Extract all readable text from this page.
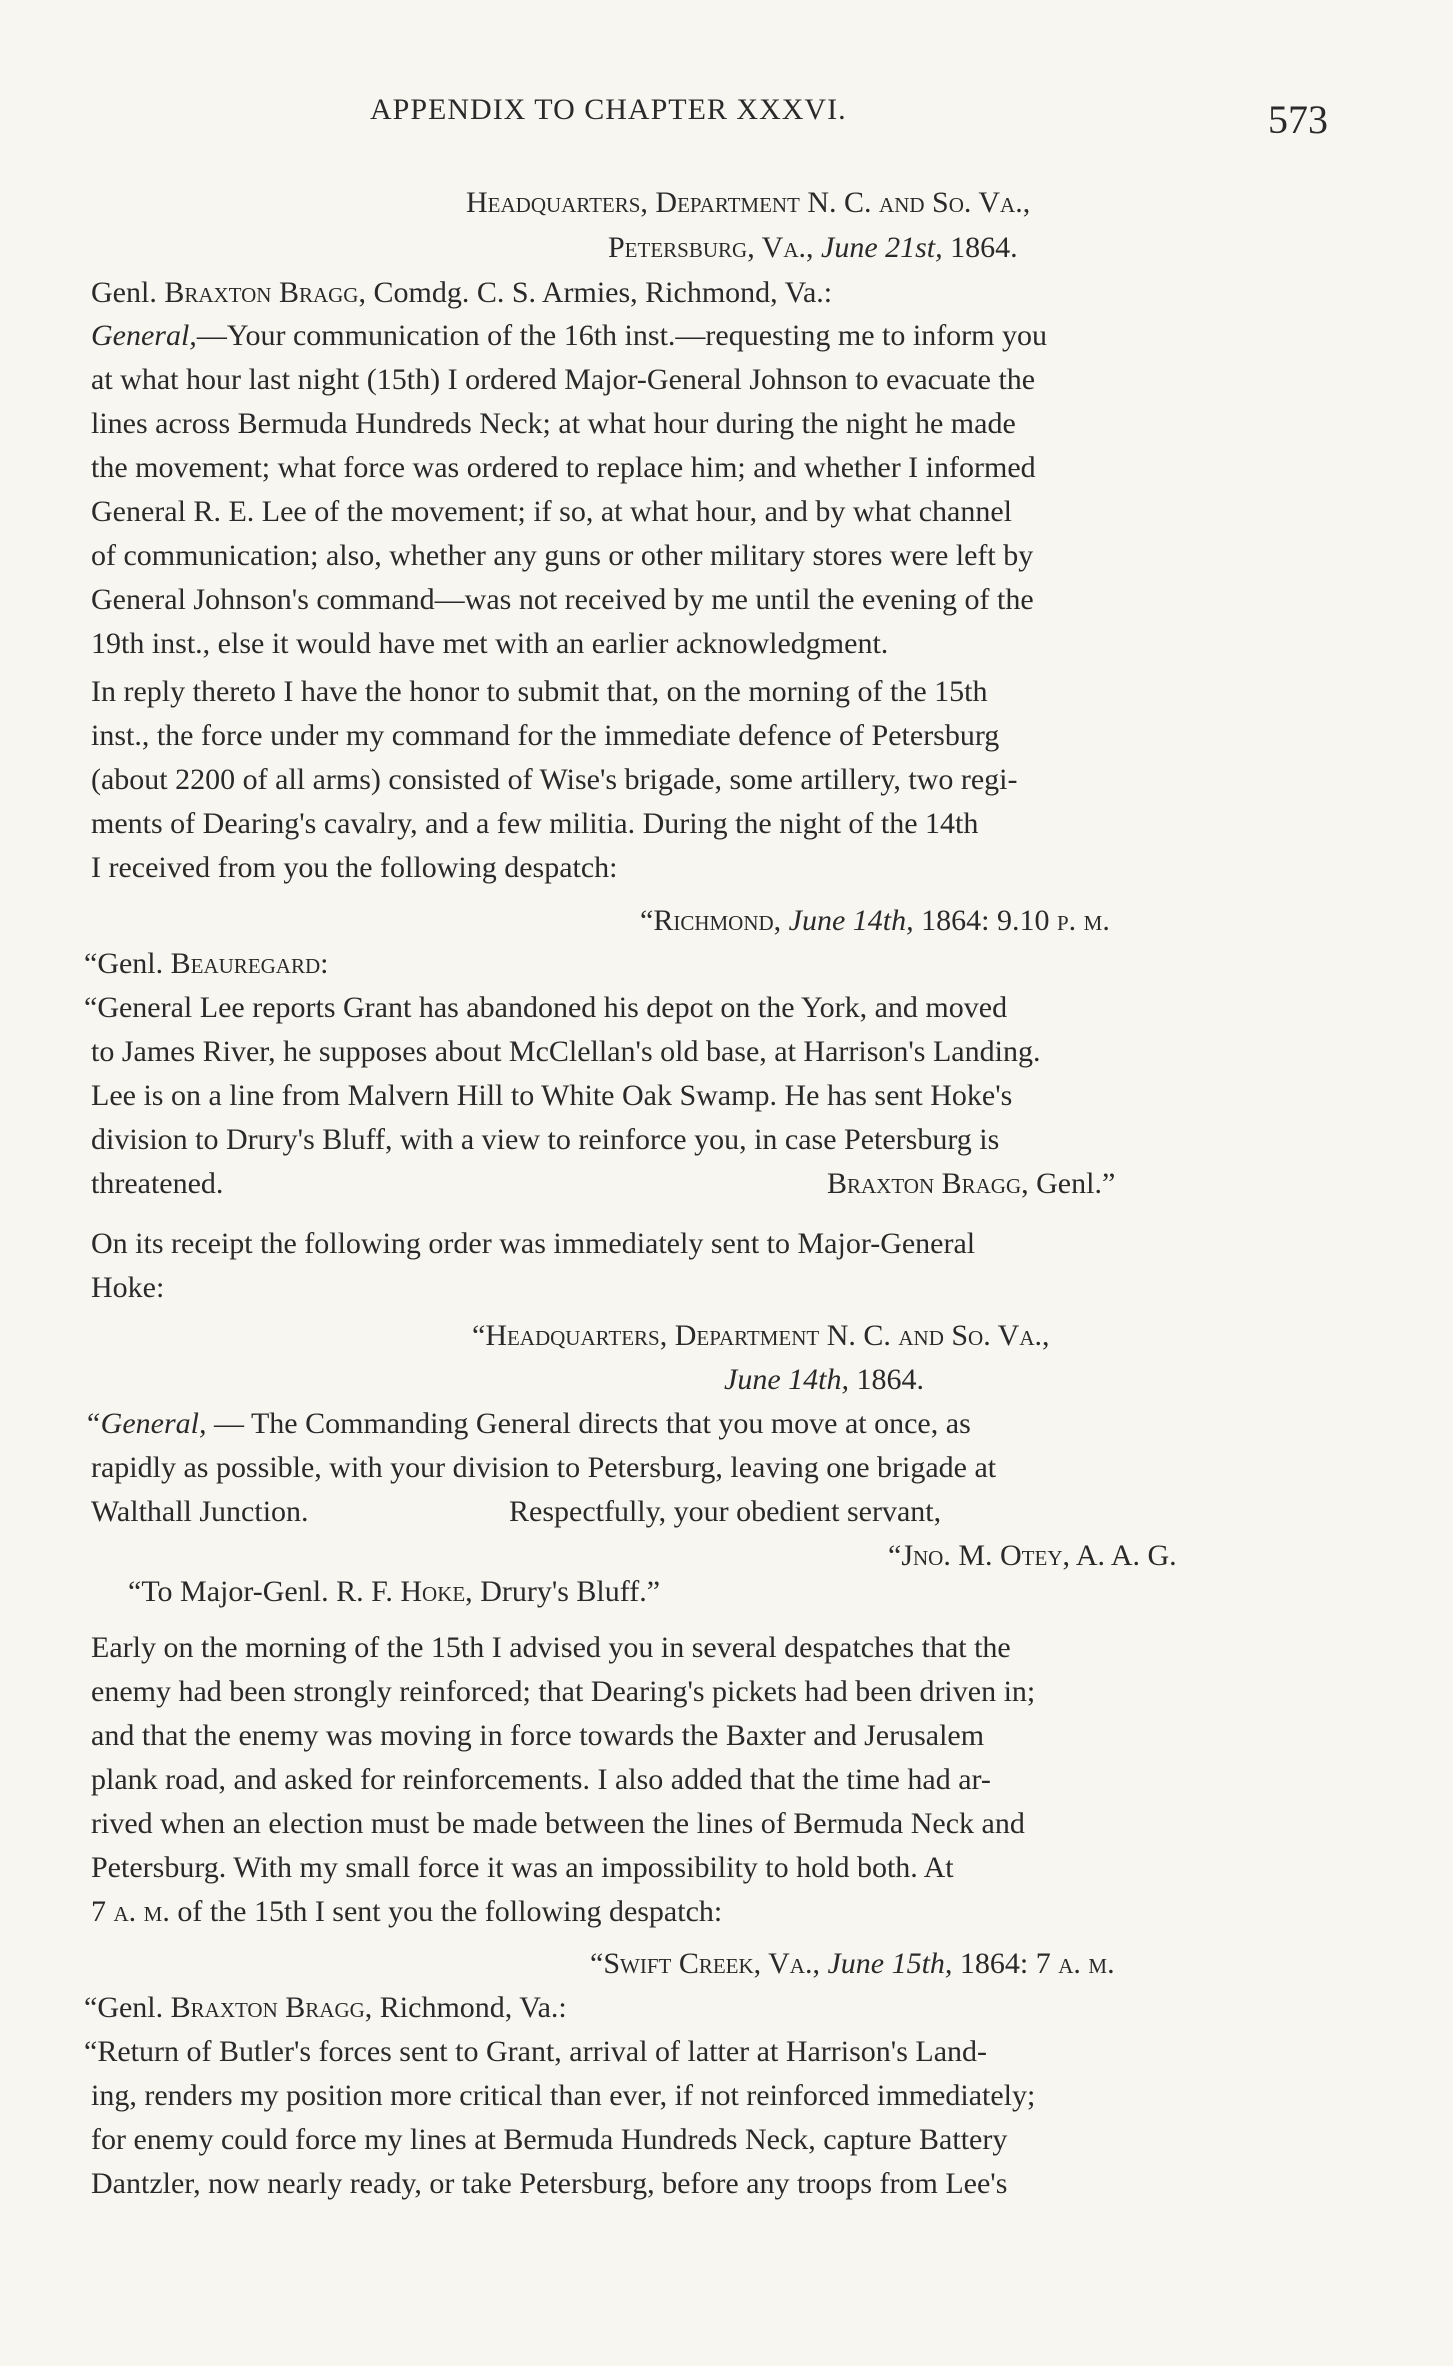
APPENDIX TO CHAPTER XXXVI.	573
Headquarters, Department N. C. and So. Va.,
Petersburg, Va., June 21st, 1864.
Genl. Braxton Bragg, Comdg. C. S. Armies, Richmond, Va.:
General,—Your communication of the 16th inst.—requesting me to inform you
at what hour last night (15th) I ordered Major-General Johnson to evacuate the
lines across Bermuda Hundreds Neck; at what hour during the night he made
the movement; what force was ordered to replace him; and whether I informed
General R. E. Lee of the movement; if so, at what hour, and by what channel
of communication; also, whether any guns or other military stores were left by
General Johnson's command—was not received by me until the evening of the
19th inst., else it would have met with an earlier acknowledgment.
In reply thereto I have the honor to submit that, on the morning of the 15th
inst., the force under my command for the immediate defence of Petersburg
(about 2200 of all arms) consisted of Wise's brigade, some artillery, two regi-
ments of Dearing's cavalry, and a few militia. During the night of the 14th
I received from you the following despatch:
“Richmond, June 14th, 1864: 9.10 p. m.
“Genl. Beauregard:
“General Lee reports Grant has abandoned his depot on the York, and moved
to James River, he supposes about McClellan's old base, at Harrison's Landing.
Lee is on a line from Malvern Hill to White Oak Swamp. He has sent Hoke's
division to Drury's Bluff, with a view to reinforce you, in case Petersburg is
threatened.	Braxton Bragg, Genl.”
On its receipt the following order was immediately sent to Major-General
Hoke:
“Headquarters, Department N. C. and So. Va.,
June 14th, 1864.
“General, — The Commanding General directs that you move at once, as
rapidly as possible, with your division to Petersburg, leaving one brigade at
Walthall Junction.	Respectfully, your obedient servant,
“Jno. M. Otey, A. A. G.
“To Major-Genl. R. F. Hoke, Drury's Bluff.”
Early on the morning of the 15th I advised you in several despatches that the
enemy had been strongly reinforced; that Dearing's pickets had been driven in;
and that the enemy was moving in force towards the Baxter and Jerusalem
plank road, and asked for reinforcements. I also added that the time had ar-
rived when an election must be made between the lines of Bermuda Neck and
Petersburg. With my small force it was an impossibility to hold both. At
7 a. m. of the 15th I sent you the following despatch:
“Swift Creek, Va., June 15th, 1864: 7 a. m.
“Genl. Braxton Bragg, Richmond, Va.:
“Return of Butler's forces sent to Grant, arrival of latter at Harrison's Land-
ing, renders my position more critical than ever, if not reinforced immediately;
for enemy could force my lines at Bermuda Hundreds Neck, capture Battery
Dantzler, now nearly ready, or take Petersburg, before any troops from Lee's
